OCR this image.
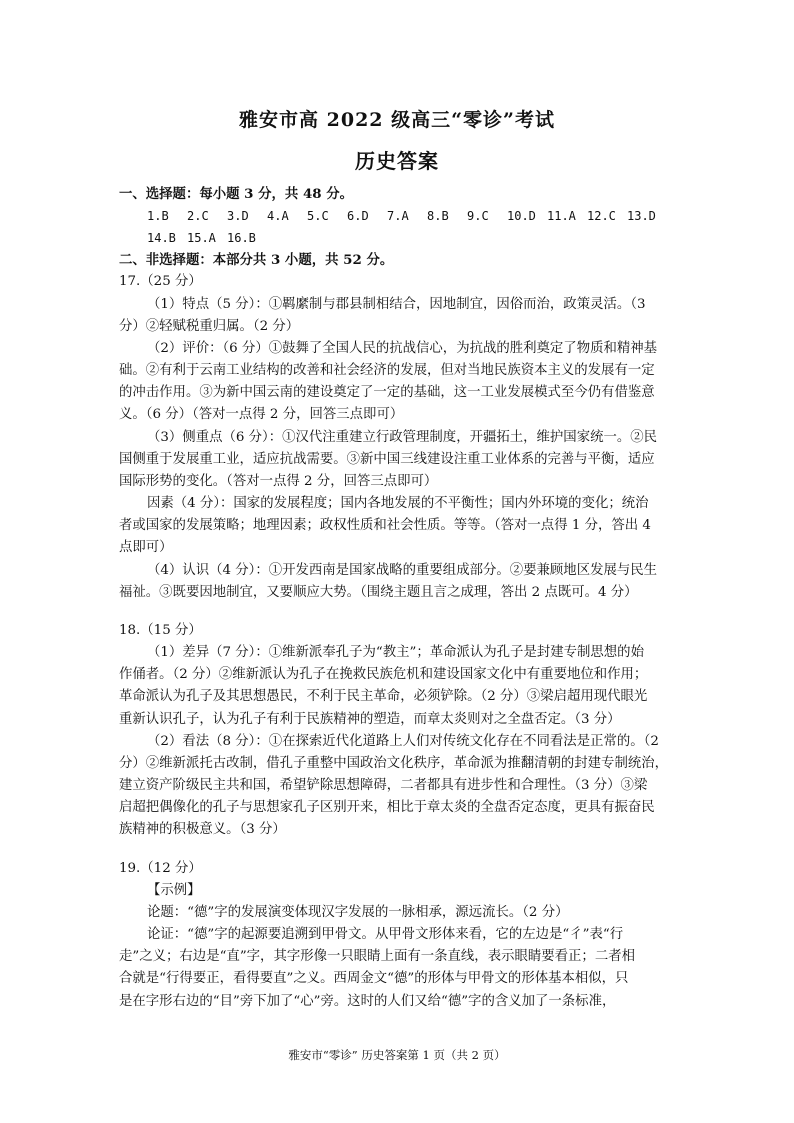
雅安市高 2022 级高三“零诊”考试
历史答案
一、选择题：每小题 3 分，共 48 分。
1.B 2.C 3.D 4.A 5.C 6.D 7.A 8.B 9.C 10.D 11.A 12.C 13.D
14.B 15.A 16.B
二、非选择题：本部分共 3 小题，共 52 分。
17.（25 分）
（1）特点（5 分）：①羁縻制与郡县制相结合，因地制宜，因俗而治，政策灵活。（3
分）②轻赋税重归属。（2 分）
（2）评价：（6 分）①鼓舞了全国人民的抗战信心，为抗战的胜利奠定了物质和精神基
础。②有利于云南工业结构的改善和社会经济的发展，但对当地民族资本主义的发展有一定
的冲击作用。③为新中国云南的建设奠定了一定的基础，这一工业发展模式至今仍有借鉴意
义。（6 分）（答对一点得 2 分，回答三点即可）
（3）侧重点（6 分）：①汉代注重建立行政管理制度，开疆拓土，维护国家统一。②民
国侧重于发展重工业，适应抗战需要。③新中国三线建设注重工业体系的完善与平衡，适应
国际形势的变化。（答对一点得 2 分，回答三点即可）
因素（4 分）：国家的发展程度；国内各地发展的不平衡性；国内外环境的变化；统治
者或国家的发展策略；地理因素；政权性质和社会性质。等等。（答对一点得 1 分，答出 4
点即可）
（4）认识（4 分）：①开发西南是国家战略的重要组成部分。②要兼顾地区发展与民生
福祉。③既要因地制宜，又要顺应大势。（围绕主题且言之成理，答出 2 点既可。4 分）
18.（15 分）
（1）差异（7 分）：①维新派奉孔子为“教主”；革命派认为孔子是封建专制思想的始
作俑者。（2 分）②维新派认为孔子在挽救民族危机和建设国家文化中有重要地位和作用；
革命派认为孔子及其思想愚民，不利于民主革命，必须铲除。（2 分）③梁启超用现代眼光
重新认识孔子，认为孔子有利于民族精神的塑造，而章太炎则对之全盘否定。（3 分）
（2）看法（8 分）：①在探索近代化道路上人们对传统文化存在不同看法是正常的。（2
分）②维新派托古改制，借孔子重整中国政治文化秩序，革命派为推翻清朝的封建专制统治，
建立资产阶级民主共和国，希望铲除思想障碍，二者都具有进步性和合理性。（3 分）③梁
启超把偶像化的孔子与思想家孔子区别开来，相比于章太炎的全盘否定态度，更具有振奋民
族精神的积极意义。（3 分）
19.（12 分）
【示例】
论题：“德”字的发展演变体现汉字发展的一脉相承，源远流长。（2 分）
论证：“德”字的起源要追溯到甲骨文。从甲骨文形体来看，它的左边是“彳”表“行
走”之义；右边是“直”字，其字形像一只眼睛上面有一条直线，表示眼睛要看正；二者相
合就是“行得要正，看得要直”之义。西周金文“德”的形体与甲骨文的形体基本相似，只
是在字形右边的“目”旁下加了“心”旁。这时的人们又给“德”字的含义加了一条标准，
雅安市“零诊” 历史答案第 1 页（共 2 页）
